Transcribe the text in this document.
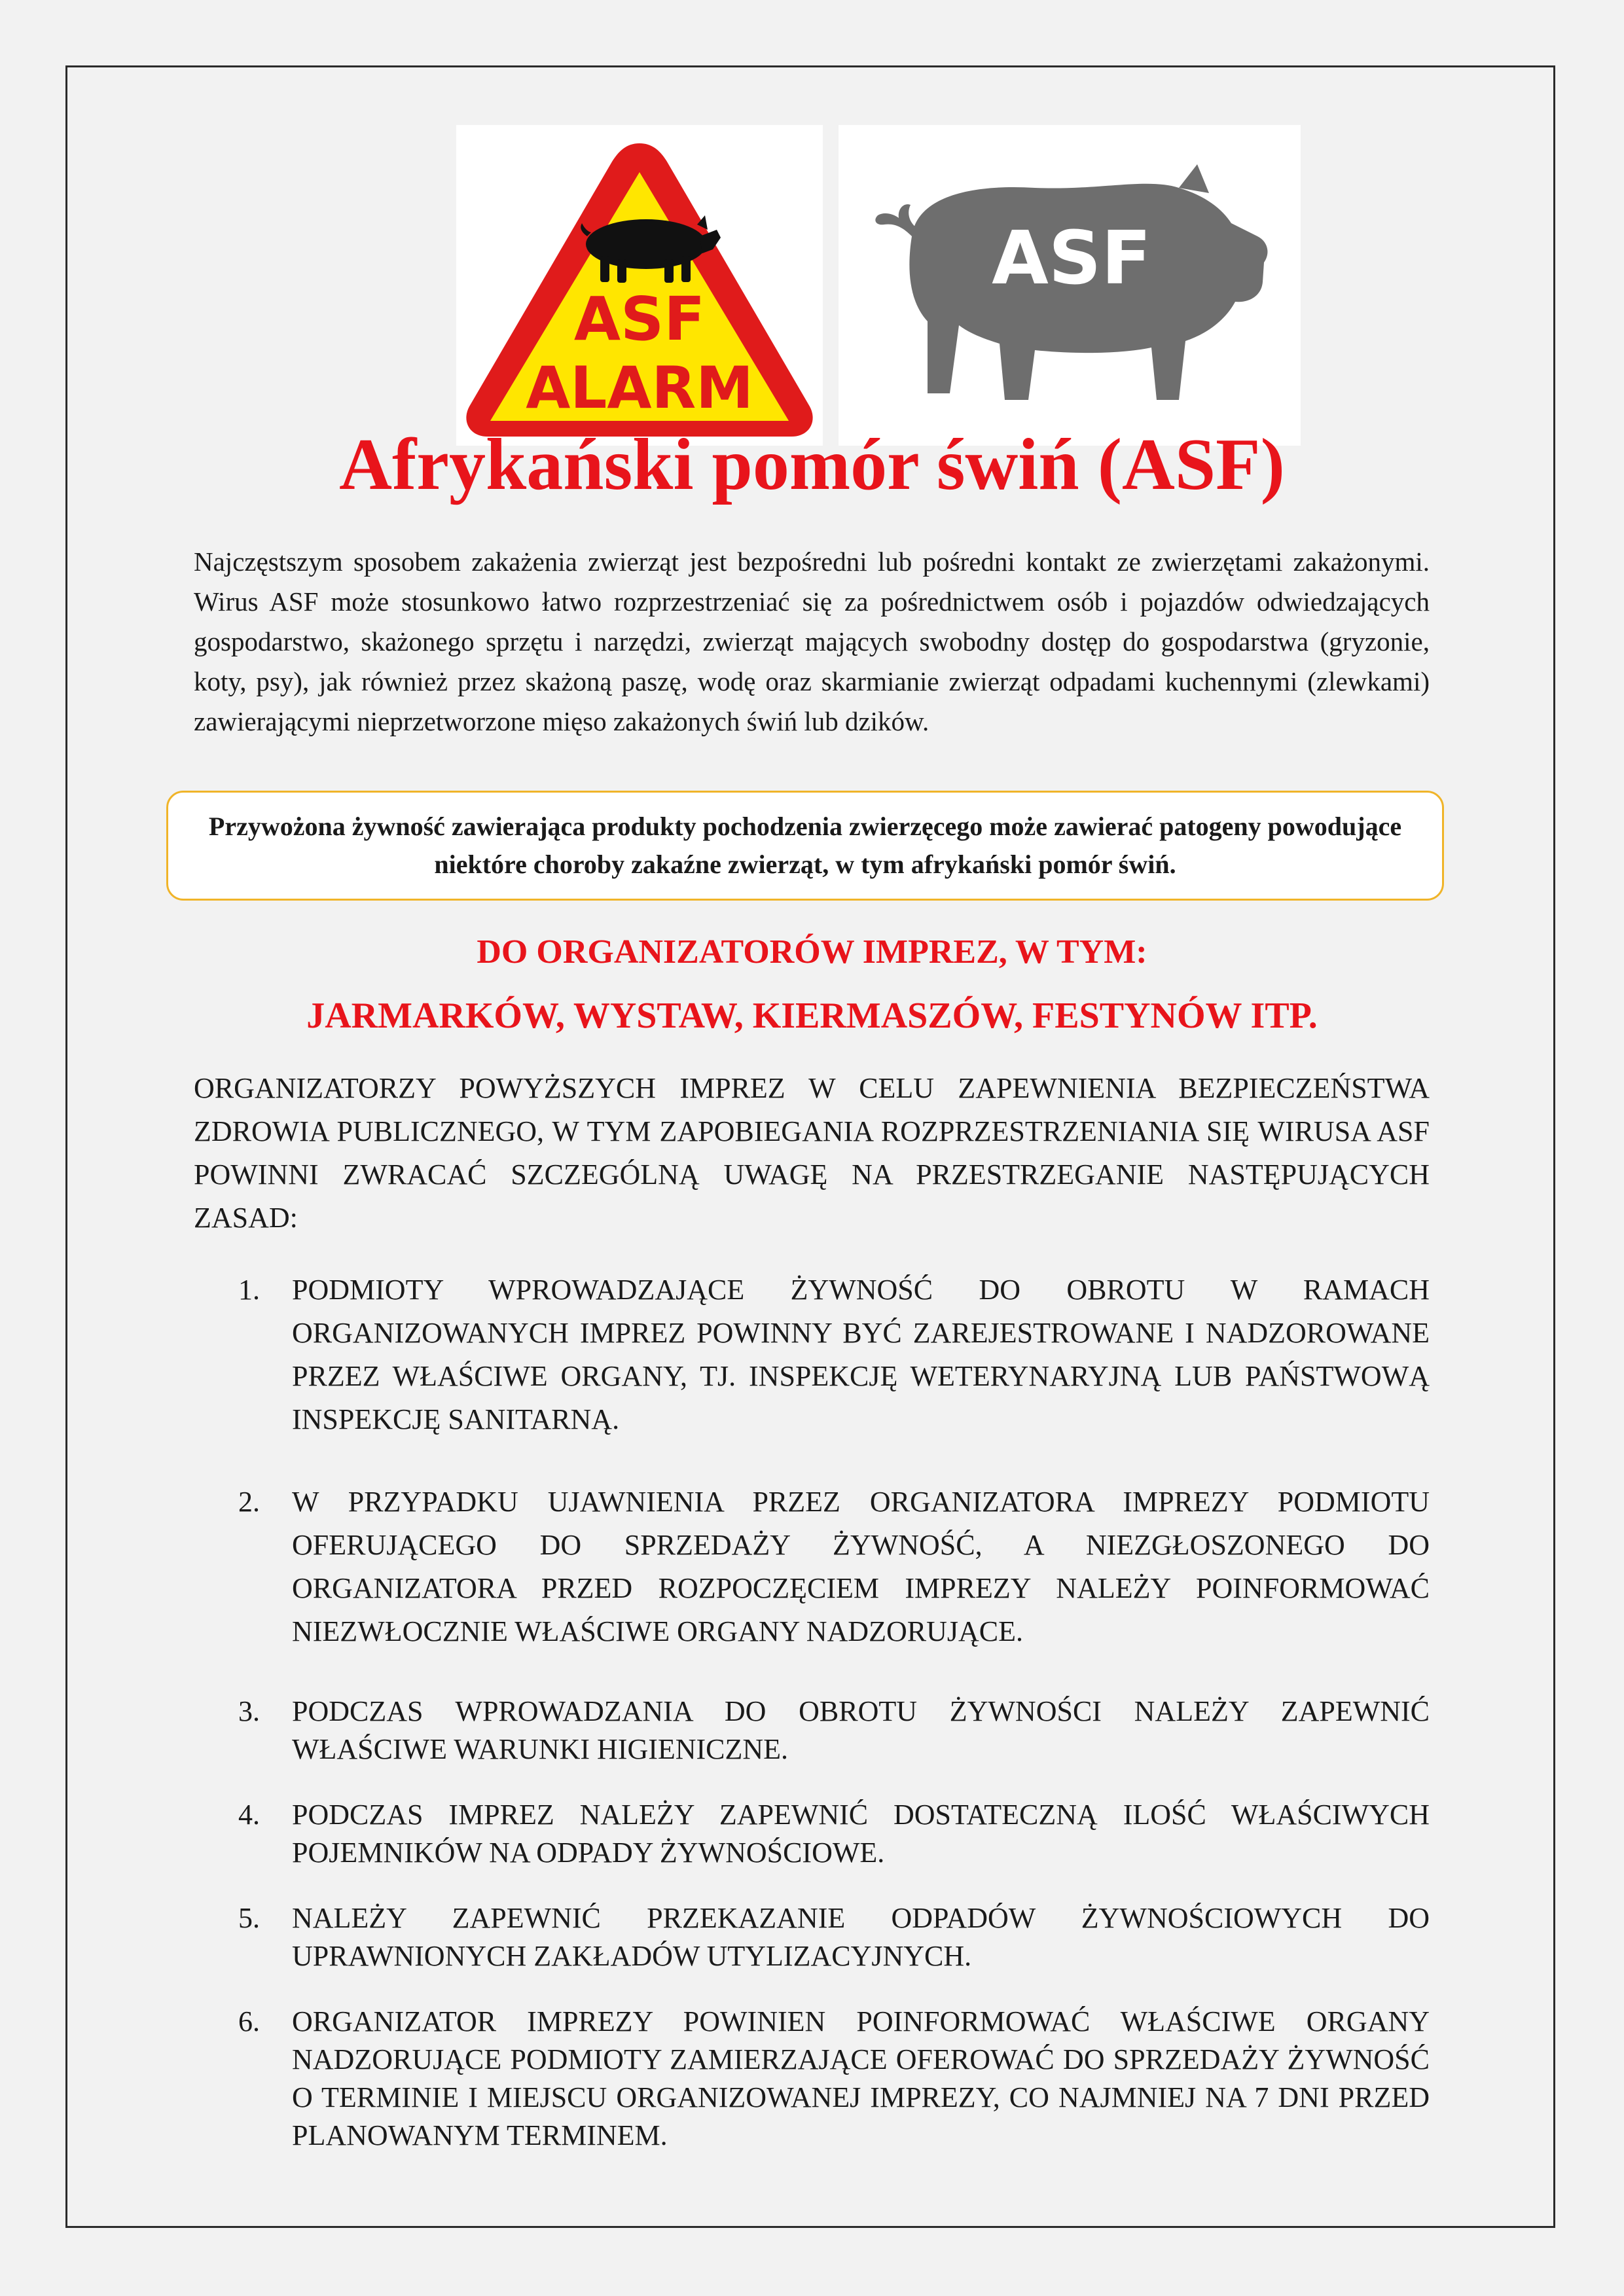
ASF
ALARM
ASF
Afrykański pomór świń (ASF)

Najczęstszym sposobem zakażenia zwierząt jest bezpośredni lub pośredni kontakt ze zwierzętami zakażonymi. Wirus ASF może stosunkowo łatwo rozprzestrzeniać się za pośrednictwem osób i pojazdów odwiedzających gospodarstwo, skażonego sprzętu i narzędzi, zwierząt mających swobodny dostęp do gospodarstwa (gryzonie, koty, psy), jak również przez skażoną paszę, wodę oraz skarmianie zwierząt odpadami kuchennymi (zlewkami) zawierającymi nieprzetworzone mięso zakażonych świń lub dzików.

Przywożona żywność zawierająca produkty pochodzenia zwierzęcego może zawierać patogeny powodujące niektóre choroby zakaźne zwierząt, w tym afrykański pomór świń.
DO ORGANIZATORÓW IMPREZ, W TYM:
JARMARKÓW, WYSTAW, KIERMASZÓW, FESTYNÓW ITP.

ORGANIZATORZY POWYŻSZYCH IMPREZ W CELU ZAPEWNIENIA BEZPIECZEŃSTWA ZDROWIA PUBLICZNEGO, W TYM ZAPOBIEGANIA ROZPRZESTRZENIANIA SIĘ WIRUSA ASF POWINNI ZWRACAĆ SZCZEGÓLNĄ UWAGĘ NA PRZESTRZEGANIE NASTĘPUJĄCYCH ZASAD:

1. PODMIOTY WPROWADZAJĄCE ŻYWNOŚĆ DO OBROTU W RAMACH ORGANIZOWANYCH IMPREZ POWINNY BYĆ ZAREJESTROWANE I NADZOROWANE PRZEZ WŁAŚCIWE ORGANY, TJ. INSPEKCJĘ WETERYNARYJNĄ LUB PAŃSTWOWĄ INSPEKCJĘ SANITARNĄ.
2. W PRZYPADKU UJAWNIENIA PRZEZ ORGANIZATORA IMPREZY PODMIOTU OFERUJĄCEGO DO SPRZEDAŻY ŻYWNOŚĆ, A NIEZGŁOSZONEGO DO ORGANIZATORA PRZED ROZPOCZĘCIEM IMPREZY NALEŻY POINFORMOWAĆ NIEZWŁOCZNIE WŁAŚCIWE ORGANY NADZORUJĄCE.
3. PODCZAS WPROWADZANIA DO OBROTU ŻYWNOŚCI NALEŻY ZAPEWNIĆ WŁAŚCIWE WARUNKI HIGIENICZNE.
4. PODCZAS IMPREZ NALEŻY ZAPEWNIĆ DOSTATECZNĄ ILOŚĆ WŁAŚCIWYCH POJEMNIKÓW NA ODPADY ŻYWNOŚCIOWE.
5. NALEŻY ZAPEWNIĆ PRZEKAZANIE ODPADÓW ŻYWNOŚCIOWYCH DO UPRAWNIONYCH ZAKŁADÓW UTYLIZACYJNYCH.
6. ORGANIZATOR IMPREZY POWINIEN POINFORMOWAĆ WŁAŚCIWE ORGANY NADZORUJĄCE PODMIOTY ZAMIERZAJĄCE OFEROWAĆ DO SPRZEDAŻY ŻYWNOŚĆ O TERMINIE I MIEJSCU ORGANIZOWANEJ IMPREZY, CO NAJMNIEJ NA 7 DNI PRZED PLANOWANYM TERMINEM.
